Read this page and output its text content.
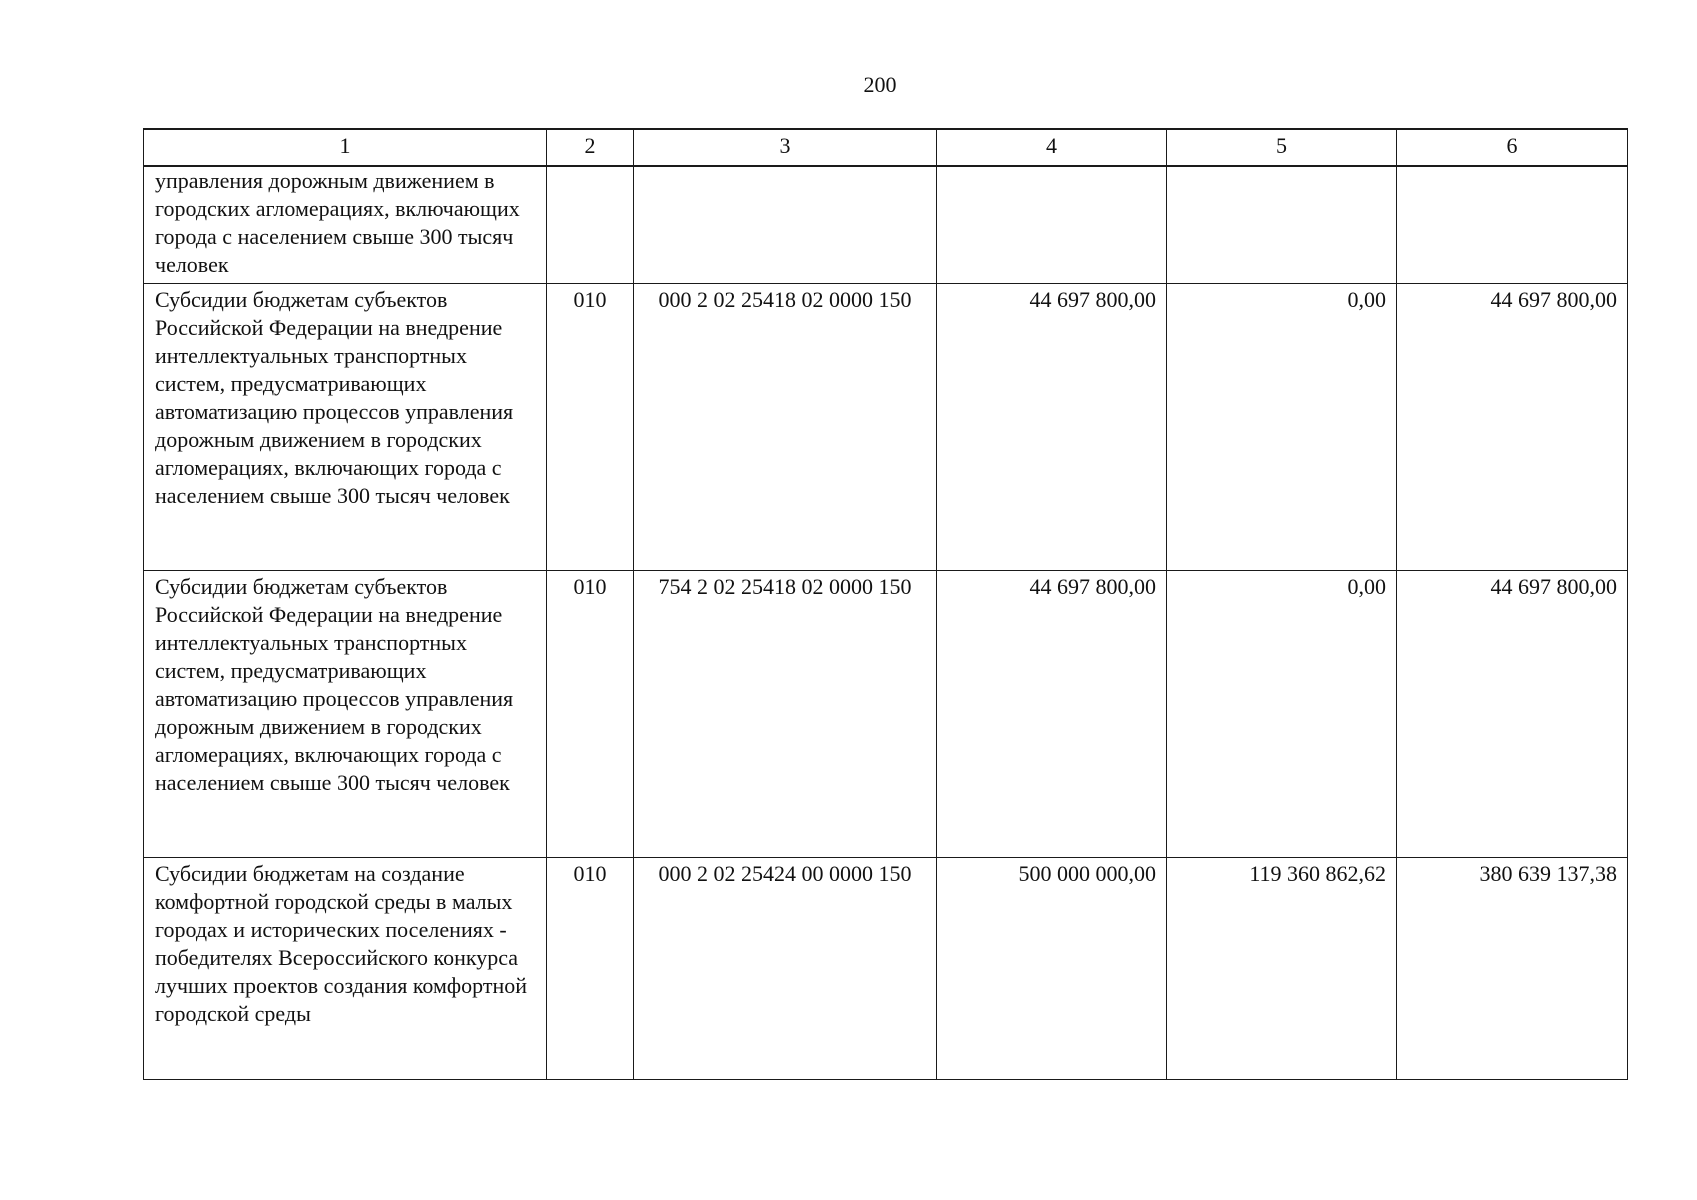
200
1	2	3	4	5	6
управления дорожным движением в городских агломерациях, включающих города с населением свыше 300 тысяч человек					
Субсидии бюджетам субъектов Российской Федерации на внедрение интеллектуальных транспортных систем, предусматривающих автоматизацию процессов управления дорожным движением в городских агломерациях, включающих города с населением свыше 300 тысяч человек	010	000 2 02 25418 02 0000 150	44 697 800,00	0,00	44 697 800,00
Субсидии бюджетам субъектов Российской Федерации на внедрение интеллектуальных транспортных систем, предусматривающих автоматизацию процессов управления дорожным движением в городских агломерациях, включающих города с населением свыше 300 тысяч человек	010	754 2 02 25418 02 0000 150	44 697 800,00	0,00	44 697 800,00
Субсидии бюджетам на создание комфортной городской среды в малых городах и исторических поселениях - победителях Всероссийского конкурса лучших проектов создания комфортной городской среды	010	000 2 02 25424 00 0000 150	500 000 000,00	119 360 862,62	380 639 137,38
